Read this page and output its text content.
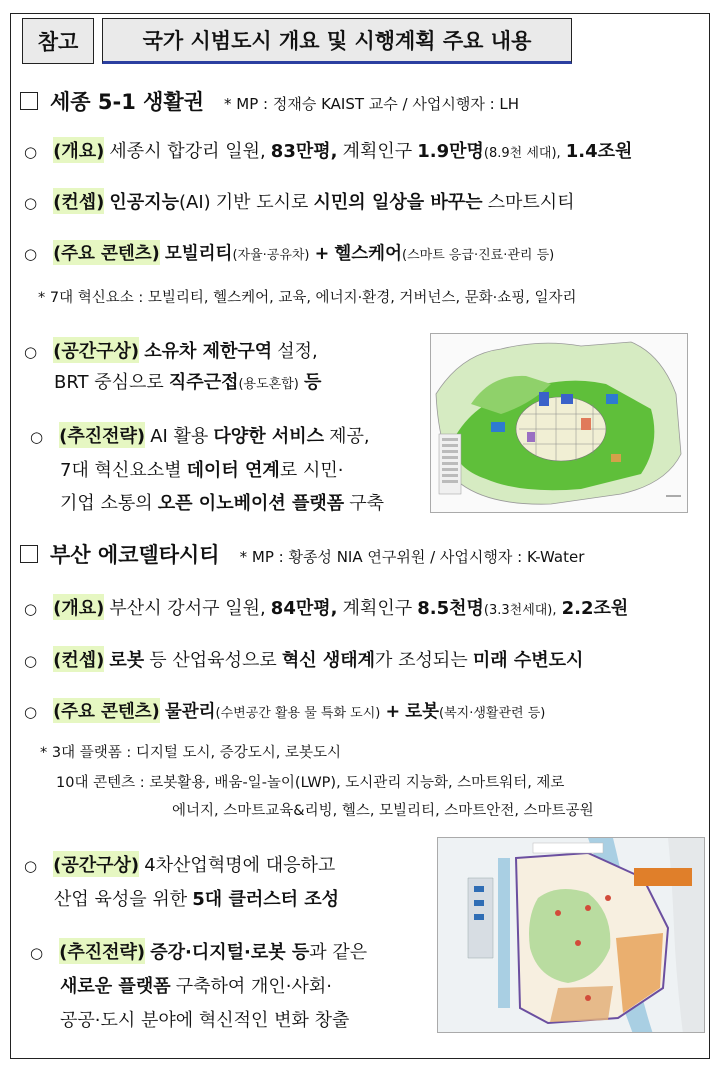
참고	국가 시범도시 개요 및 시행계획 주요 내용
세종 5-1 생활권 * MP : 정재승 KAIST 교수 / 사업시행자 : LH
○ (개요)
세종시 합강리 일원,
83만평,
계획인구
1.9만명 (8.9천 세대),
1.4조원
○ (컨셉)
인공지능 (AI)
기반 도시로
시민의 일상을 바꾸는
스마트시티
○ (주요 콘텐츠)
모빌리티 (자율·공유차)
+
헬스케어 (스마트 응급·진료·관리 등)
* 7대 혁신요소 : 모빌리티, 헬스케어, 교육, 에너지·환경, 거버넌스, 문화·쇼핑, 일자리
○ (공간구상)
소유차 제한구역
설정,
BRT 중심으로
직주근접 (용도혼합)
등
○ (추진전략)
AI 활용
다양한 서비스
제공,
7대 혁신요소별
데이터 연계 로 시민·
기업 소통의
오픈 이노베이션 플랫폼
구축
부산 에코델타시티 * MP : 황종성 NIA 연구위원 / 사업시행자 : K-Water
○ (개요)
부산시 강서구 일원,
84만평,
계획인구
8.5천명 (3.3천세대),
2.2조원
○ (컨셉)
로봇
등 산업육성으로
혁신 생태계 가 조성되는
미래 수변도시
○ (주요 콘텐츠)
물관리 (수변공간 활용 물 특화 도시)
+
로봇 (복지·생활관련 등)
* 3대 플랫폼 : 디지털 도시, 증강도시, 로봇도시
10대 콘텐츠 : 로봇활용, 배움-일-놀이(LWP), 도시관리 지능화, 스마트워터, 제로
에너지, 스마트교육&리빙, 헬스, 모빌리티, 스마트안전, 스마트공원
○ (공간구상)
4차산업혁명에 대응하고
산업 육성을 위한
5대 클러스터 조성
○ (추진전략)
증강·디지털·로봇 등 과 같은
새로운 플랫폼
구축하여 개인·사회·
공공·도시 분야에 혁신적인 변화 창출
